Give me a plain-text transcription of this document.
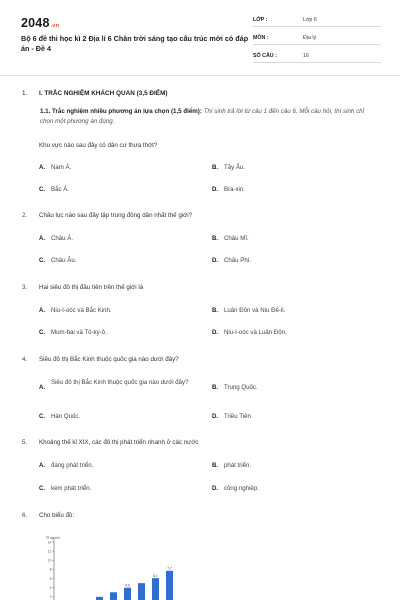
2048.vn
Bộ 6 đề thi học kì 2 Địa lí 6 Chân trời sáng tạo cấu trúc mới có đáp án - Đề 4
LỚP :	Lớp 6
MÔN :	Địa lý
SỐ CÂU :	16
1. I. TRẮC NGHIỆM KHÁCH QUAN (3,5 ĐIỂM)
1.1. Trắc nghiệm nhiều phương án lựa chọn (1,5 điểm): Thí sinh trả lời từ câu 1 đến câu 6. Mỗi câu hỏi, thí sinh chỉ chọn một phương án đúng.
Khu vực nào sau đây có dân cư thưa thớt?
A. Nam Á.	B. Tây Âu.
C. Bắc Á.	D. Bra-xin.
2. Châu lục nào sau đây tập trung đông dân nhất thế giới?
A. Châu Á.	B. Châu Mĩ.
C. Châu Âu.	D. Châu Phi.
3. Hai siêu đô thị đầu tiên trên thế giới là
A. Niu-I-oóc và Bắc Kinh.	B. Luân Đôn và Niu Đê-li.
C. Mum-bai và Tô-ky-ô.	D. Niu-I-oóc và Luân Đôn.
4. Siêu đô thị Bắc Kinh thuộc quốc gia nào dưới đây?
A.
Siêu đô thị Bắc Kinh thuộc quốc gia nào dưới đây?
B. Trung Quốc.
C. Hàn Quốc.	D. Triều Tiên
5. Khoảng thế kỉ XIX, các đô thị phát triển nhanh ở các nước
A. đang phát triển.	B. phát triển.
C. kém phát triển.	D. công nghiệp.
6. Cho biểu đồ:
Tỉ người
2
4
6
8
10
12
14
4,0
6,1
7,7
